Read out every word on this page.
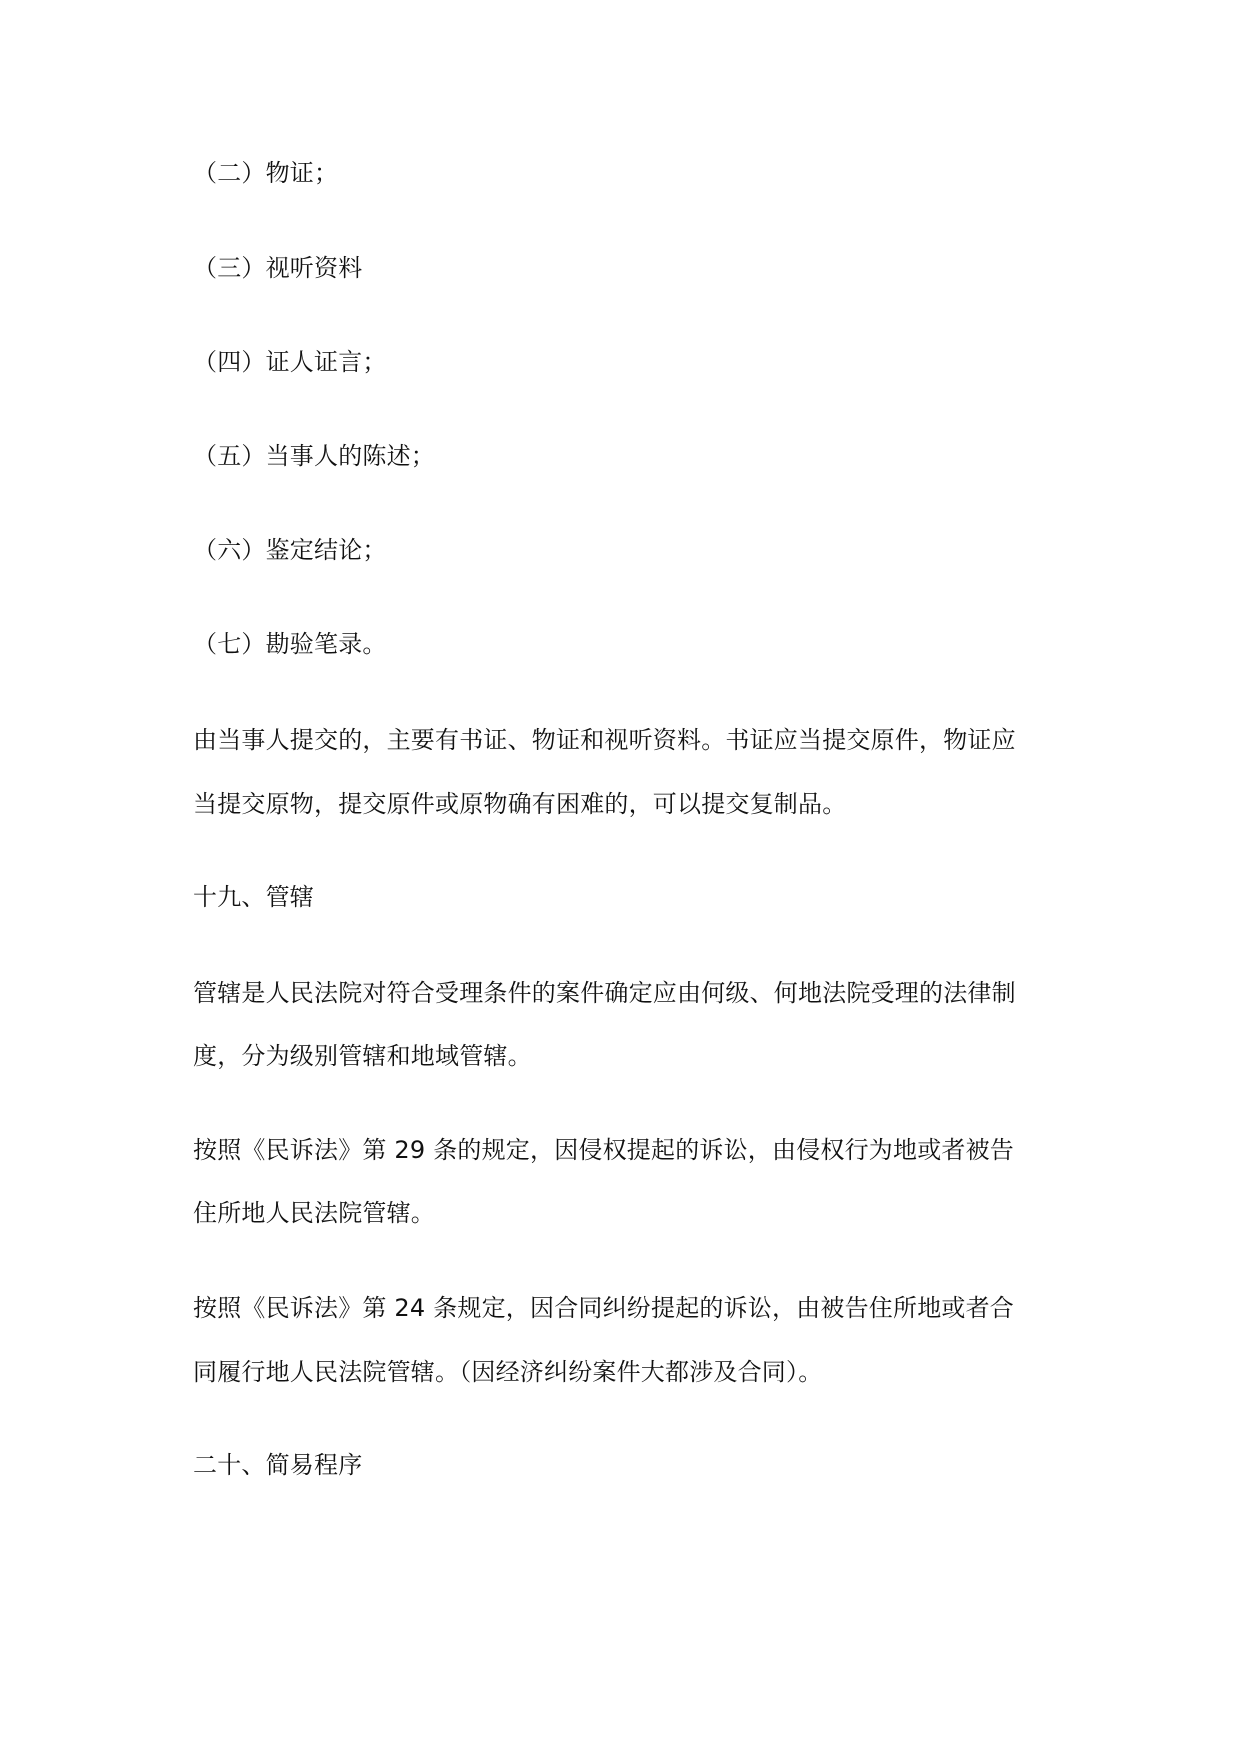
（二）物证；

（三）视听资料

（四）证人证言；

（五）当事人的陈述；

（六）鉴定结论；

（七）勘验笔录。

由当事人提交的，主要有书证、物证和视听资料。书证应当提交原件，物证应

当提交原物，提交原件或原物确有困难的，可以提交复制品。

十九、管辖

管辖是人民法院对符合受理条件的案件确定应由何级、何地法院受理的法律制

度，分为级别管辖和地域管辖。

按照《民诉法》第 29 条的规定，因侵权提起的诉讼，由侵权行为地或者被告

住所地人民法院管辖。

按照《民诉法》第 24 条规定，因合同纠纷提起的诉讼，由被告住所地或者合

同履行地人民法院管辖。（因经济纠纷案件大都涉及合同）。

二十、简易程序
